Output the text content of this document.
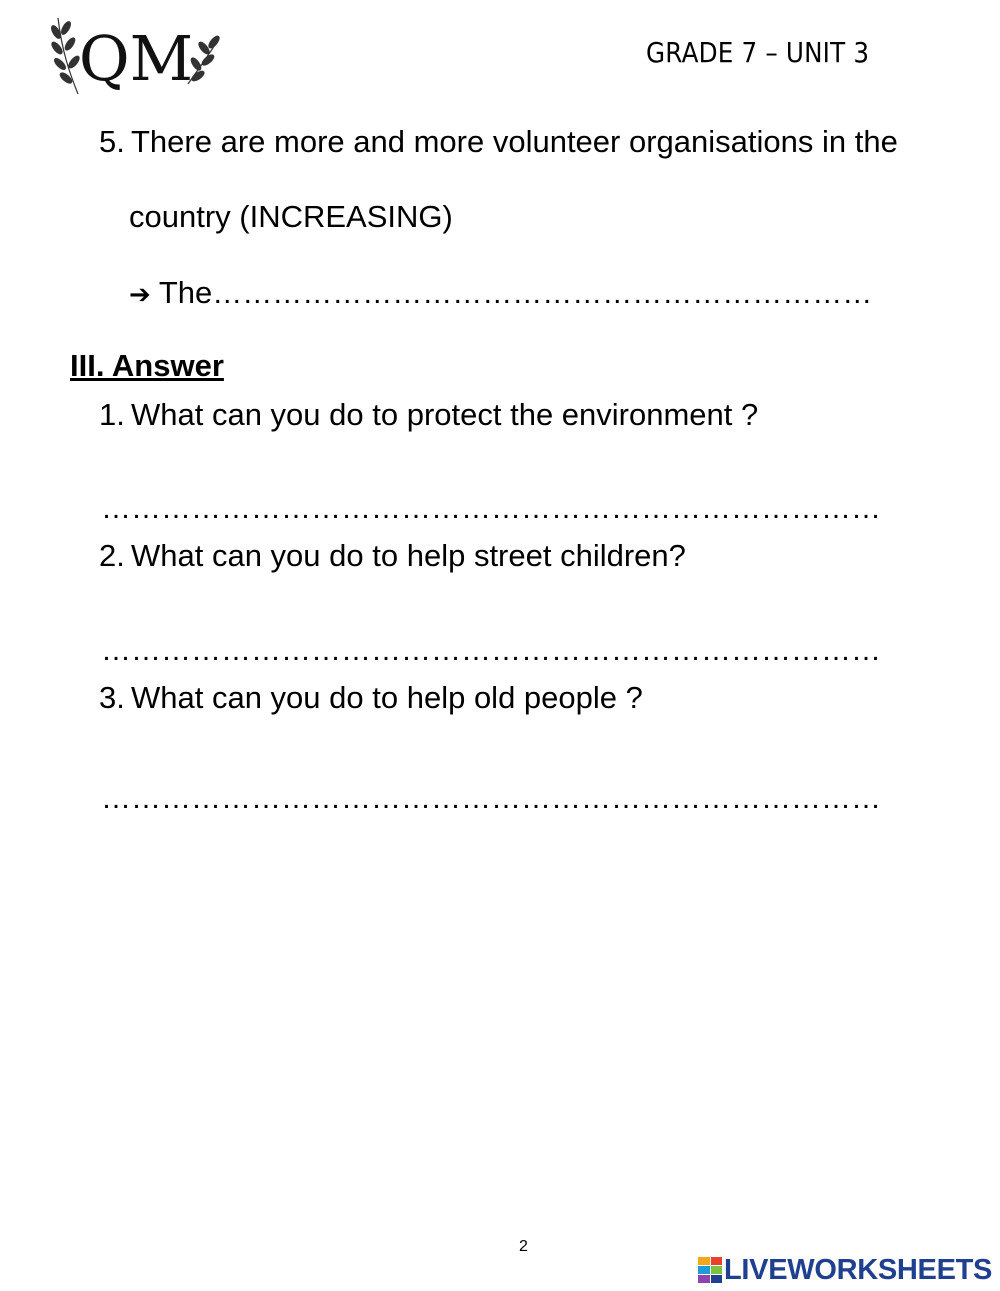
QM	GRADE 7 – UNIT 3
5. There are more and more volunteer organisations in the
country (INCREASING)
➔ The…………………………………………………………
III. Answer
1. What can you do to protect the environment ?
……………………………………………………………………
2. What can you do to help street children?
……………………………………………………………………
3. What can you do to help old people ?
……………………………………………………………………
2
LIVEWORKSHEETS
